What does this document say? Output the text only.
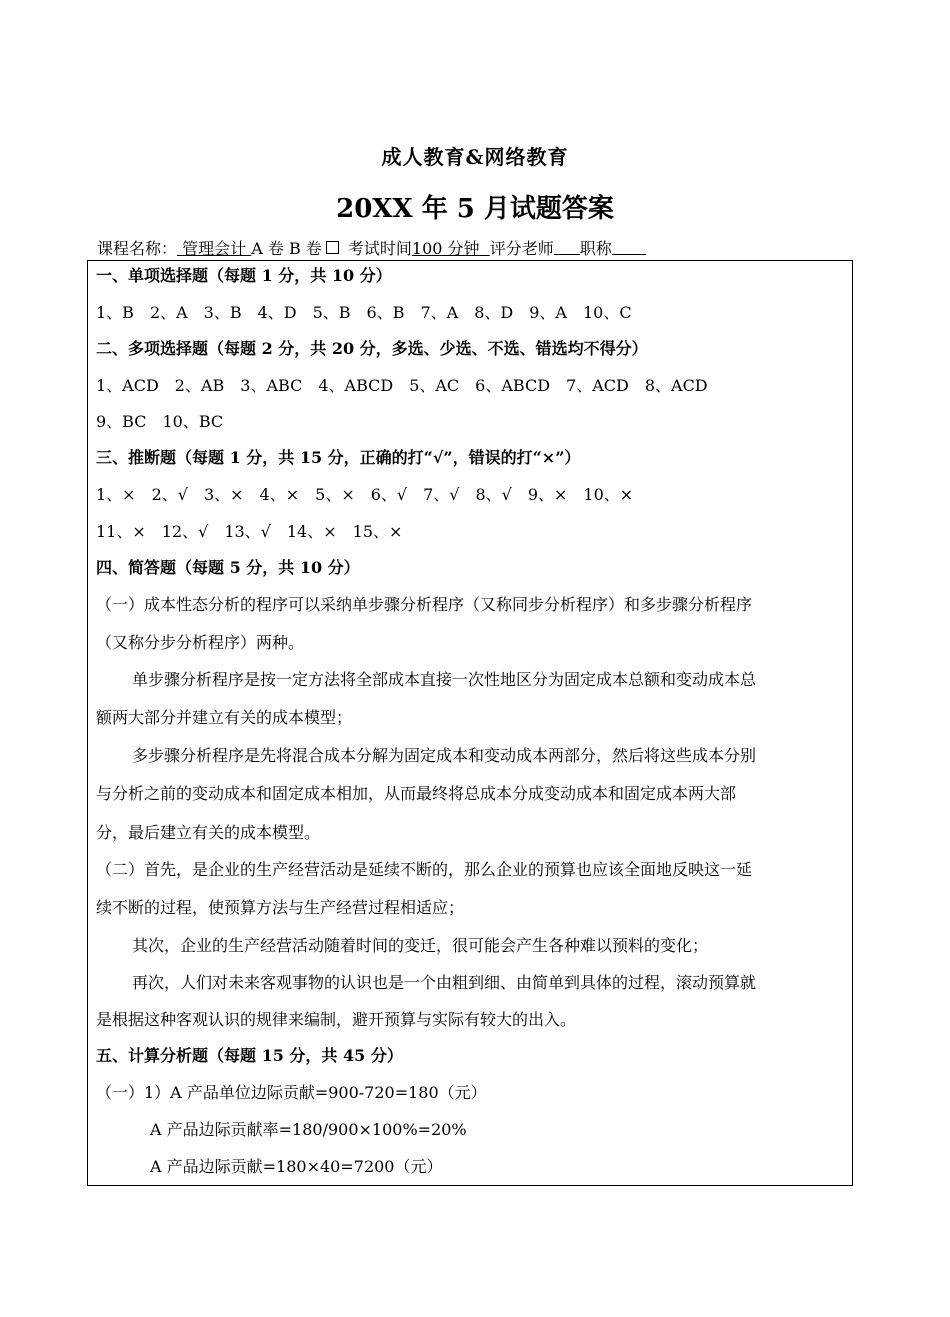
成人教育&网络教育
20XX 年 5 月试题答案
课程名称： 管理会计 A 卷 B 卷 考试时间100 分钟 评分老师 职称
一、单项选择题（每题 1 分，共 10 分）
1、B　2、A　3、B　4、D　5、B　6、B　7、A　8、D　9、A　10、C
二、多项选择题（每题 2 分，共 20 分，多选、少选、不选、错选均不得分）
1、ACD　2、AB　3、ABC　4、ABCD　5、AC　6、ABCD　7、ACD　8、ACD
9、BC　10、BC
三、推断题（每题 1 分，共 15 分，正确的打“√”，错误的打“×”）
1、×　2、√　3、×　4、×　5、×　6、√　7、√　8、√　9、×　10、×
11、×　12、√　13、√　14、×　15、×
四、简答题（每题 5 分，共 10 分）
（一）成本性态分析的程序可以采纳单步骤分析程序（又称同步分析程序）和多步骤分析程序
（又称分步分析程序）两种。
单步骤分析程序是按一定方法将全部成本直接一次性地区分为固定成本总额和变动成本总
额两大部分并建立有关的成本模型；
多步骤分析程序是先将混合成本分解为固定成本和变动成本两部分，然后将这些成本分别
与分析之前的变动成本和固定成本相加，从而最终将总成本分成变动成本和固定成本两大部
分，最后建立有关的成本模型。
（二）首先，是企业的生产经营活动是延续不断的，那么企业的预算也应该全面地反映这一延
续不断的过程，使预算方法与生产经营过程相适应；
其次，企业的生产经营活动随着时间的变迁，很可能会产生各种难以预料的变化；
再次，人们对未来客观事物的认识也是一个由粗到细、由简单到具体的过程，滚动预算就
是根据这种客观认识的规律来编制，避开预算与实际有较大的出入。
五、计算分析题（每题 15 分，共 45 分）
（一）1）A 产品单位边际贡献=900-720=180（元）
A 产品边际贡献率=180/900×100%=20%
A 产品边际贡献=180×40=7200（元）
